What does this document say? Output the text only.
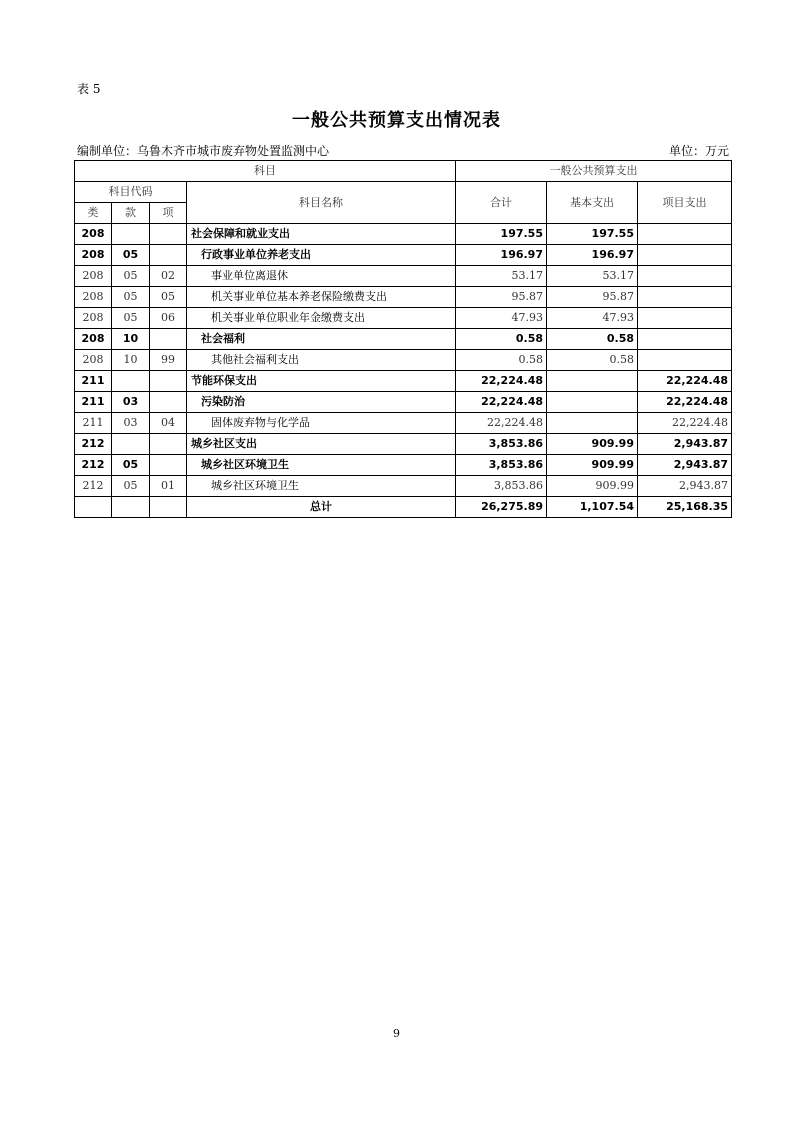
表 5
一般公共预算支出情况表
编制单位：乌鲁木齐市城市废弃物处置监测中心	单位：万元
科目				一般公共预算支出		
科目代码			科目名称	合计	基本支出	项目支出
类	款	项				
208			社会保障和就业支出	197.55	197.55	
208	05		行政事业单位养老支出	196.97	196.97	
208	05	02	事业单位离退休	53.17	53.17	
208	05	05	机关事业单位基本养老保险缴费支出	95.87	95.87	
208	05	06	机关事业单位职业年金缴费支出	47.93	47.93	
208	10		社会福利	0.58	0.58	
208	10	99	其他社会福利支出	0.58	0.58	
211			节能环保支出	22,224.48		22,224.48
211	03		污染防治	22,224.48		22,224.48
211	03	04	固体废弃物与化学品	22,224.48		22,224.48
212			城乡社区支出	3,853.86	909.99	2,943.87
212	05		城乡社区环境卫生	3,853.86	909.99	2,943.87
212	05	01	城乡社区环境卫生	3,853.86	909.99	2,943.87
			总计	26,275.89	1,107.54	25,168.35
9
